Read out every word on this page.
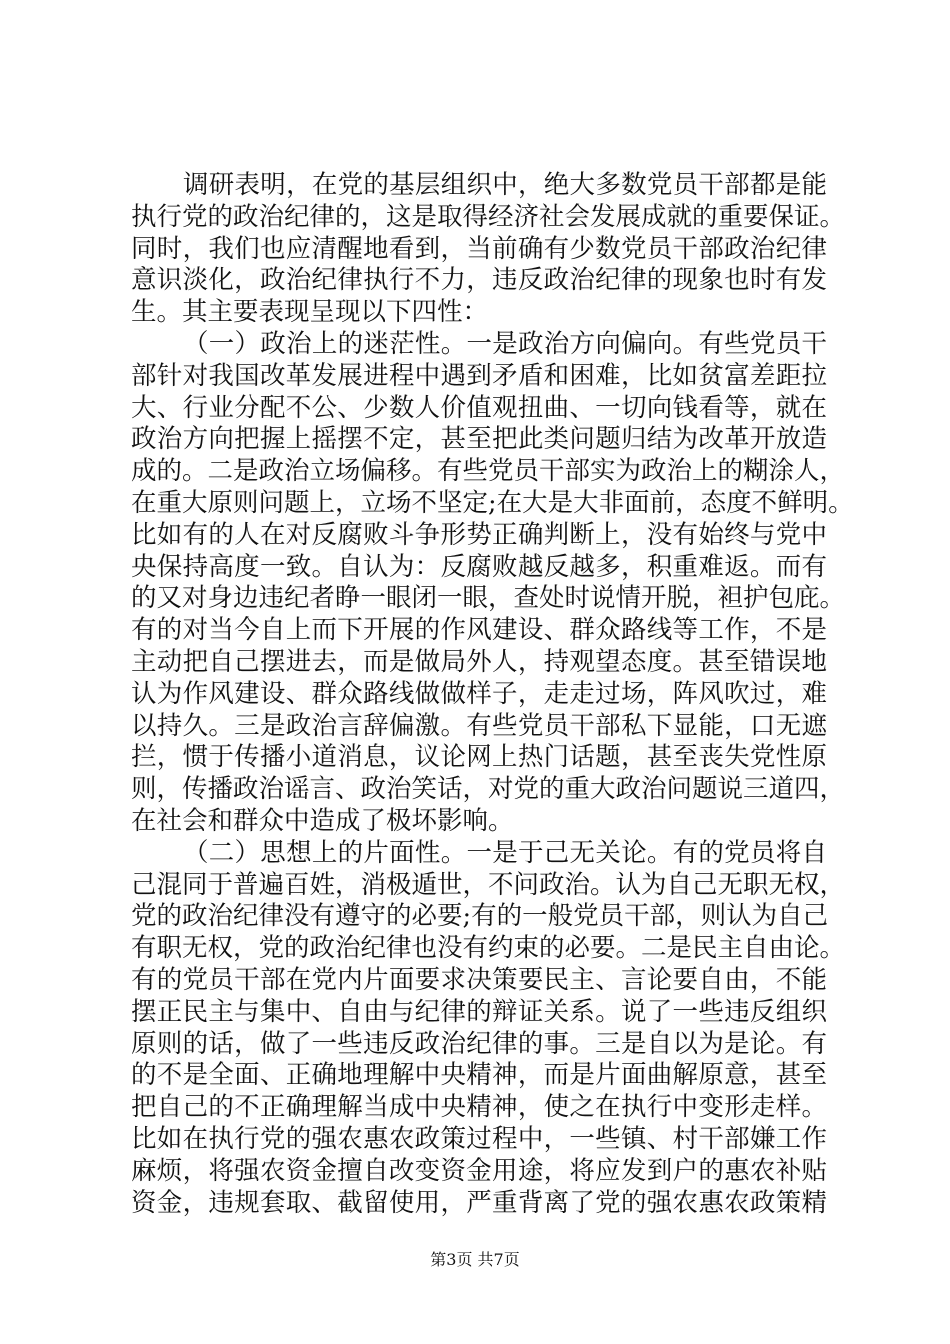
调研表明，在党的基层组织中，绝大多数党员干部都是能
执行党的政治纪律的，这是取得经济社会发展成就的重要保证。
同时，我们也应清醒地看到，当前确有少数党员干部政治纪律
意识淡化，政治纪律执行不力，违反政治纪律的现象也时有发
生。其主要表现呈现以下四性：
（一）政治上的迷茫性。一是政治方向偏向。有些党员干
部针对我国改革发展进程中遇到矛盾和困难，比如贫富差距拉
大、行业分配不公、少数人价值观扭曲、一切向钱看等，就在
政治方向把握上摇摆不定，甚至把此类问题归结为改革开放造
成的。二是政治立场偏移。有些党员干部实为政治上的糊涂人，
在重大原则问题上，立场不坚定;在大是大非面前，态度不鲜明。
比如有的人在对反腐败斗争形势正确判断上，没有始终与党中
央保持高度一致。自认为：反腐败越反越多，积重难返。而有
的又对身边违纪者睁一眼闭一眼，查处时说情开脱，袒护包庇。
有的对当今自上而下开展的作风建设、群众路线等工作，不是
主动把自己摆进去，而是做局外人，持观望态度。甚至错误地
认为作风建设、群众路线做做样子，走走过场，阵风吹过，难
以持久。三是政治言辞偏激。有些党员干部私下显能，口无遮
拦，惯于传播小道消息，议论网上热门话题，甚至丧失党性原
则，传播政治谣言、政治笑话，对党的重大政治问题说三道四，
在社会和群众中造成了极坏影响。
（二）思想上的片面性。一是于己无关论。有的党员将自
己混同于普遍百姓，消极遁世，不问政治。认为自己无职无权，
党的政治纪律没有遵守的必要;有的一般党员干部，则认为自己
有职无权，党的政治纪律也没有约束的必要。二是民主自由论。
有的党员干部在党内片面要求决策要民主、言论要自由，不能
摆正民主与集中、自由与纪律的辩证关系。说了一些违反组织
原则的话，做了一些违反政治纪律的事。三是自以为是论。有
的不是全面、正确地理解中央精神，而是片面曲解原意，甚至
把自己的不正确理解当成中央精神，使之在执行中变形走样。
比如在执行党的强农惠农政策过程中，一些镇、村干部嫌工作
麻烦，将强农资金擅自改变资金用途，将应发到户的惠农补贴
资金，违规套取、截留使用，严重背离了党的强农惠农政策精
第3页 共7页
